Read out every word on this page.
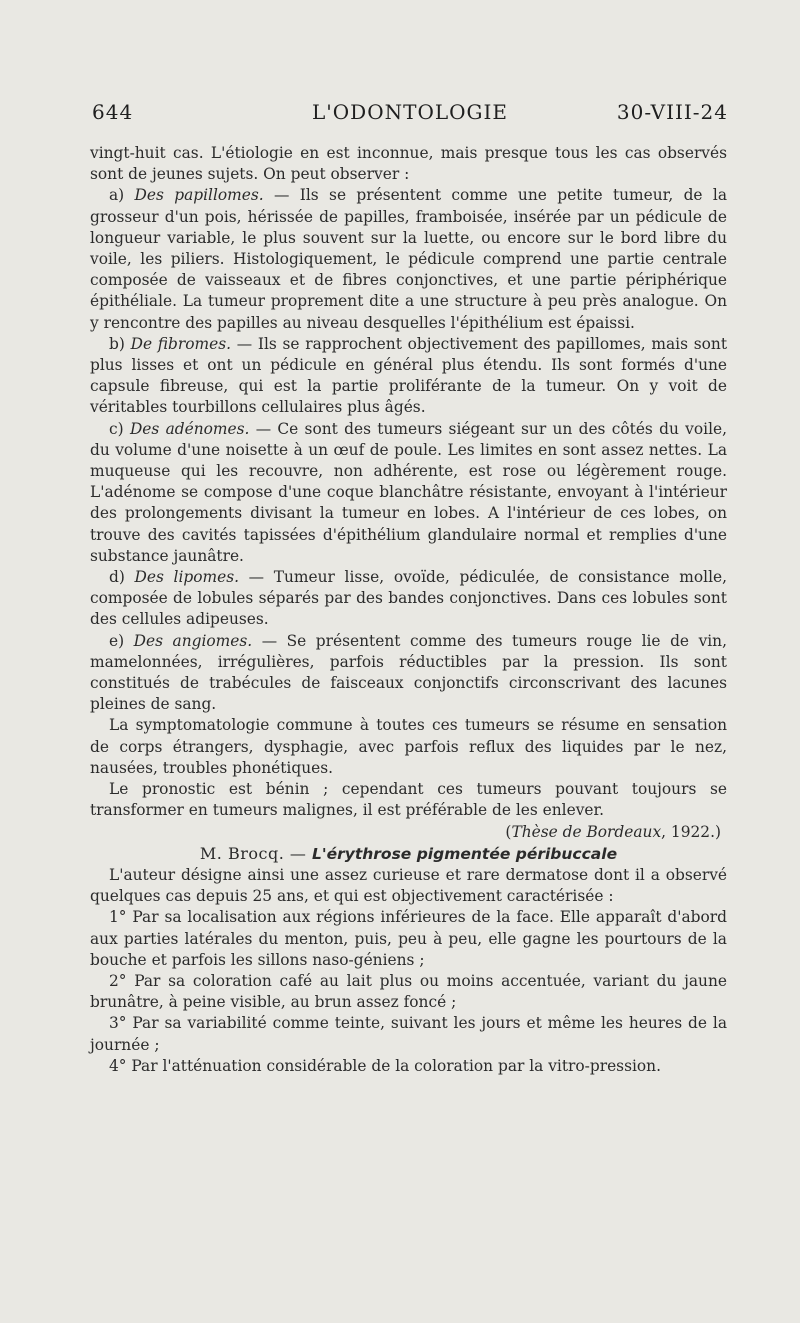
644	L'ODONTOLOGIE	30-VIII-24

vingt-huit cas. L'étiologie en est inconnue, mais presque tous les cas observés sont de jeunes sujets. On peut observer :

a) Des papillomes. — Ils se présentent comme une petite tumeur, de la grosseur d'un pois, hérissée de papilles, framboisée, insérée par un pédicule de longueur variable, le plus souvent sur la luette, ou encore sur le bord libre du voile, les piliers. Histologiquement, le pédicule comprend une partie centrale composée de vaisseaux et de fibres conjonctives, et une partie périphérique épithéliale. La tumeur proprement dite a une structure à peu près analogue. On y rencontre des papilles au niveau desquelles l'épithélium est épaissi.

b) De fibromes. — Ils se rapprochent objectivement des papillomes, mais sont plus lisses et ont un pédicule en général plus étendu. Ils sont formés d'une capsule fibreuse, qui est la partie proliférante de la tumeur. On y voit de véritables tourbillons cellulaires plus âgés.

c) Des adénomes. — Ce sont des tumeurs siégeant sur un des côtés du voile, du volume d'une noisette à un œuf de poule. Les limites en sont assez nettes. La muqueuse qui les recouvre, non adhérente, est rose ou légèrement rouge. L'adénome se compose d'une coque blanchâtre résistante, envoyant à l'intérieur des prolongements divisant la tumeur en lobes. A l'intérieur de ces lobes, on trouve des cavités tapissées d'épithélium glandulaire normal et remplies d'une substance jaunâtre.

d) Des lipomes. — Tumeur lisse, ovoïde, pédiculée, de consistance molle, composée de lobules séparés par des bandes conjonctives. Dans ces lobules sont des cellules adipeuses.

e) Des angiomes. — Se présentent comme des tumeurs rouge lie de vin, mamelonnées, irrégulières, parfois réductibles par la pression. Ils sont constitués de trabécules de faisceaux conjonctifs circonscrivant des lacunes pleines de sang.

La symptomatologie commune à toutes ces tumeurs se résume en sensation de corps étrangers, dysphagie, avec parfois reflux des liquides par le nez, nausées, troubles phonétiques.

Le pronostic est bénin ; cependant ces tumeurs pouvant toujours se transformer en tumeurs malignes, il est préférable de les enlever.

(Thèse de Bordeaux, 1922.)

M. Brocq. — L'érythrose pigmentée péribuccale

L'auteur désigne ainsi une assez curieuse et rare dermatose dont il a observé quelques cas depuis 25 ans, et qui est objectivement caractérisée :

1° Par sa localisation aux régions inférieures de la face. Elle apparaît d'abord aux parties latérales du menton, puis, peu à peu, elle gagne les pourtours de la bouche et parfois les sillons naso-géniens ;

2° Par sa coloration café au lait plus ou moins accentuée, variant du jaune brunâtre, à peine visible, au brun assez foncé ;

3° Par sa variabilité comme teinte, suivant les jours et même les heures de la journée ;

4° Par l'atténuation considérable de la coloration par la vitro-pression.
